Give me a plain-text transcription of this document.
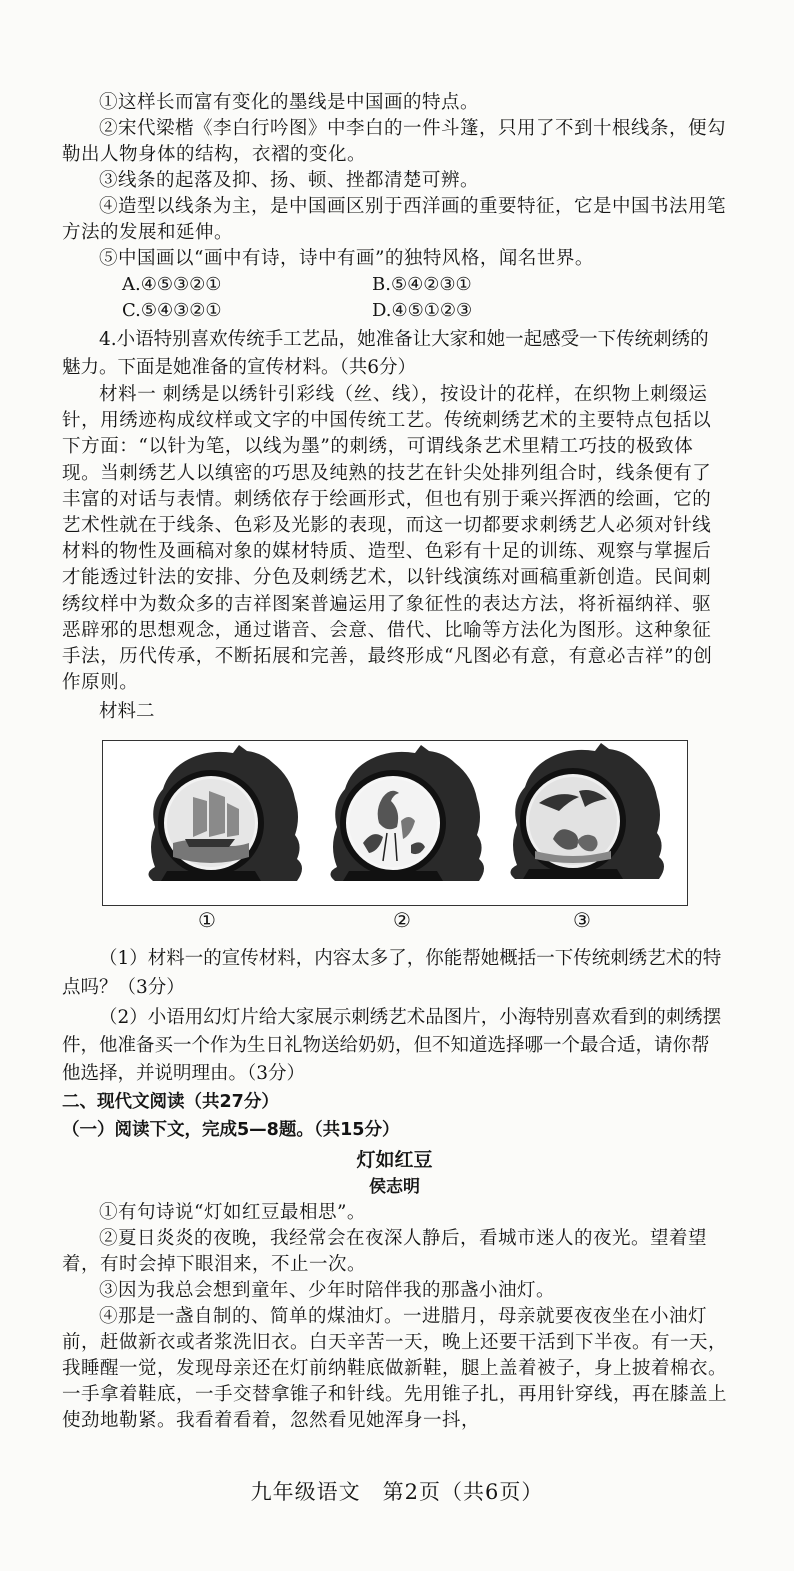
①这样长而富有变化的墨线是中国画的特点。

②宋代梁楷《李白行吟图》中李白的一件斗篷，只用了不到十根线条，便勾勒出人物身体的结构，衣褶的变化。

③线条的起落及抑、扬、顿、挫都清楚可辨。

④造型以线条为主，是中国画区别于西洋画的重要特征，它是中国书法用笔方法的发展和延伸。

⑤中国画以“画中有诗，诗中有画”的独特风格，闻名世界。

A.④⑤③②①	B.⑤④②③①
C.⑤④③②①	D.④⑤①②③

4.小语特别喜欢传统手工艺品，她准备让大家和她一起感受一下传统刺绣的魅力。下面是她准备的宣传材料。（共6分）

材料一 刺绣是以绣针引彩线（丝、线），按设计的花样，在织物上刺缀运针，用绣迹构成纹样或文字的中国传统工艺。传统刺绣艺术的主要特点包括以下方面：“以针为笔，以线为墨”的刺绣，可谓线条艺术里精工巧技的极致体现。当刺绣艺人以缜密的巧思及纯熟的技艺在针尖处排列组合时，线条便有了丰富的对话与表情。刺绣依存于绘画形式，但也有别于乘兴挥洒的绘画，它的艺术性就在于线条、色彩及光影的表现，而这一切都要求刺绣艺人必须对针线材料的物性及画稿对象的媒材特质、造型、色彩有十足的训练、观察与掌握后才能透过针法的安排、分色及刺绣艺术，以针线演练对画稿重新创造。民间刺绣纹样中为数众多的吉祥图案普遍运用了象征性的表达方法，将祈福纳祥、驱恶辟邪的思想观念，通过谐音、会意、借代、比喻等方法化为图形。这种象征手法，历代传承，不断拓展和完善，最终形成“凡图必有意，有意必吉祥”的创作原则。

材料二

①	②	③

（1）材料一的宣传材料，内容太多了，你能帮她概括一下传统刺绣艺术的特点吗？（3分）

（2）小语用幻灯片给大家展示刺绣艺术品图片，小海特别喜欢看到的刺绣摆件，他准备买一个作为生日礼物送给奶奶，但不知道选择哪一个最合适，请你帮他选择，并说明理由。（3分）

二、现代文阅读（共27分）

（一）阅读下文，完成5—8题。（共15分）

灯如红豆

侯志明

①有句诗说“灯如红豆最相思”。

②夏日炎炎的夜晚，我经常会在夜深人静后，看城市迷人的夜光。望着望着，有时会掉下眼泪来，不止一次。

③因为我总会想到童年、少年时陪伴我的那盏小油灯。

④那是一盏自制的、简单的煤油灯。一进腊月，母亲就要夜夜坐在小油灯前，赶做新衣或者浆洗旧衣。白天辛苦一天，晚上还要干活到下半夜。有一天，我睡醒一觉，发现母亲还在灯前纳鞋底做新鞋，腿上盖着被子，身上披着棉衣。一手拿着鞋底，一手交替拿锥子和针线。先用锥子扎，再用针穿线，再在膝盖上使劲地勒紧。我看着看着，忽然看见她浑身一抖，

九年级语文　第2页（共6页）
